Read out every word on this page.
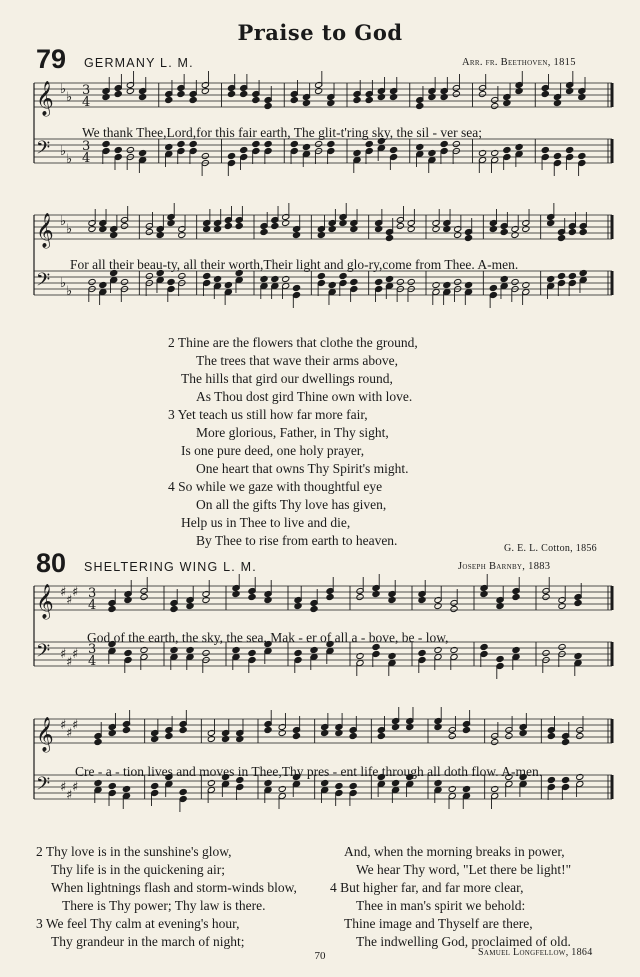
𝄞
𝄢
♭
♭
♭
♭
3
4
3
4
𝄞
𝄢
♭
♭
♭
♭
𝄞
𝄢
♯
♯
♯
♯
♯
♯
3
4
3
4
𝄞
𝄢
♯
♯
♯
♯
♯
♯
Praise to God
79 GERMANY L. M.	Arr. fr. Beethoven, 1815
We thank Thee,Lord,for this fair earth, The glit-t'ring sky, the sil - ver sea;
For all their beau-ty, all their worth,Their light and glo-ry,come from Thee. A-men.
2 Thine are the flowers that clothe the ground,
The trees that wave their arms above,
The hills that gird our dwellings round,
As Thou dost gird Thine own with love.
3 Yet teach us still how far more fair,
More glorious, Father, in Thy sight,
Is one pure deed, one holy prayer,
One heart that owns Thy Spirit's might.
4 So while we gaze with thoughtful eye
On all the gifts Thy love has given,
Help us in Thee to live and die,
By Thee to rise from earth to heaven.
G. E. L. Cotton, 1856
80 SHELTERING WING L. M.	Joseph Barnby, 1883
God of the earth, the sky, the sea, Mak - er of all a - bove, be - low,
Cre - a - tion lives and moves in Thee,Thy pres - ent life through all doth flow. A-men.
2 Thy love is in the sunshine's glow,
Thy life is in the quickening air;
When lightnings flash and storm-winds blow,
There is Thy power; Thy law is there.
3 We feel Thy calm at evening's hour,
Thy grandeur in the march of night;
And, when the morning breaks in power,
We hear Thy word, "Let there be light!"
4 But higher far, and far more clear,
Thee in man's spirit we behold:
Thine image and Thyself are there,
The indwelling God, proclaimed of old.
Samuel Longfellow, 1864
70
